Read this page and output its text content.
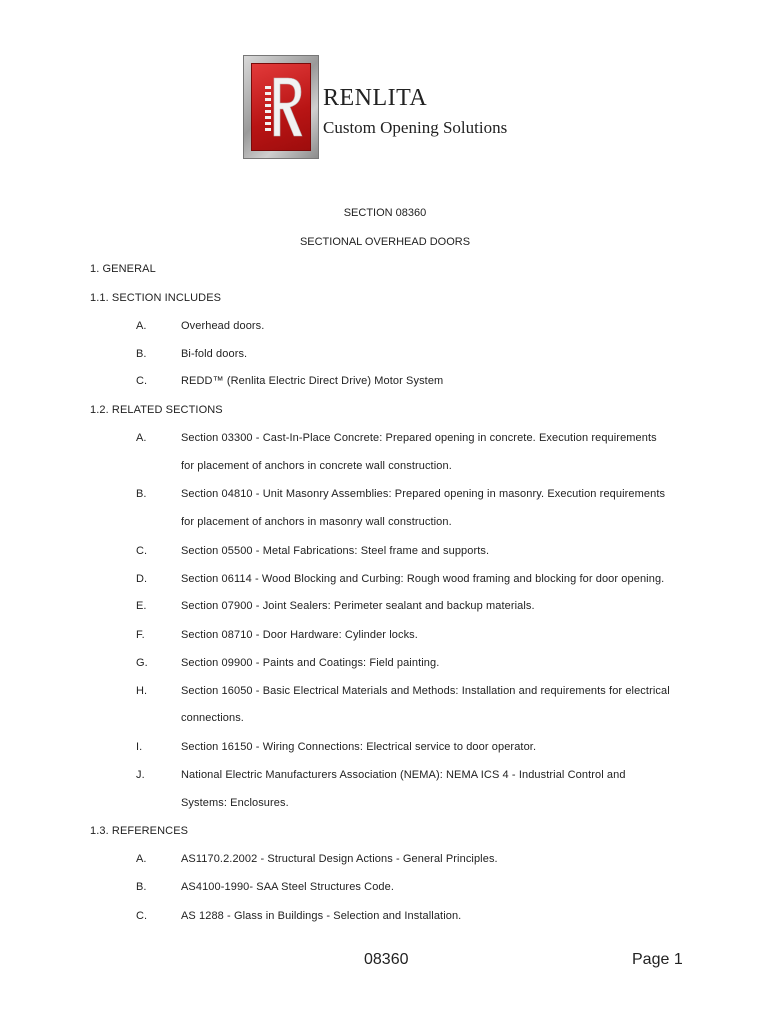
RENLITA
Custom Opening Solutions
SECTION 08360
SECTIONAL OVERHEAD DOORS
1. GENERAL
1.1. SECTION INCLUDES
A.	Overhead doors.
B.	Bi-fold doors.
C.	REDD™ (Renlita Electric Direct Drive) Motor System
1.2. RELATED SECTIONS
A.	Section 03300 - Cast-In-Place Concrete: Prepared opening in concrete. Execution requirements
for placement of anchors in concrete wall construction.
B.	Section 04810 - Unit Masonry Assemblies: Prepared opening in masonry. Execution requirements
for placement of anchors in masonry wall construction.
C.	Section 05500 - Metal Fabrications: Steel frame and supports.
D.	Section 06114 - Wood Blocking and Curbing: Rough wood framing and blocking for door opening.
E.	Section 07900 - Joint Sealers: Perimeter sealant and backup materials.
F.	Section 08710 - Door Hardware: Cylinder locks.
G.	Section 09900 - Paints and Coatings: Field painting.
H.	Section 16050 - Basic Electrical Materials and Methods: Installation and requirements for electrical
connections.
I.	Section 16150 - Wiring Connections: Electrical service to door operator.
J.	National Electric Manufacturers Association (NEMA): NEMA ICS 4 - Industrial Control and
Systems: Enclosures.
1.3. REFERENCES
A.	AS1170.2.2002 - Structural Design Actions - General Principles.
B.	AS4100-1990- SAA Steel Structures Code.
C.	AS 1288 - Glass in Buildings - Selection and Installation.
08360	Page 1
